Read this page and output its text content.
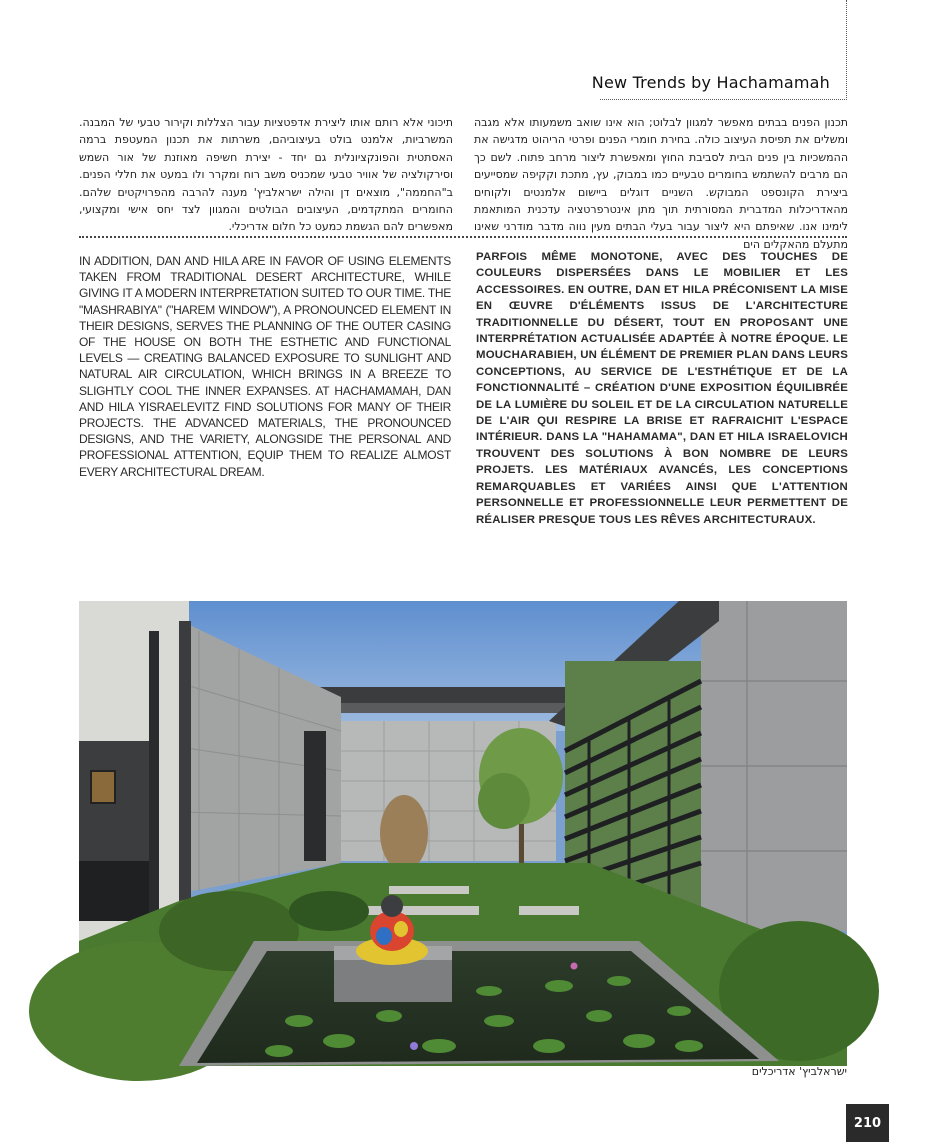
New Trends by Hachamamah
תכנון הפנים בבתים מאפשר למגוון לבלוט; הוא אינו שואב משמעותו אלא מגבה ומשלים את תפיסת העיצוב כולה. בחירת חומרי הפנים ופרטי הריהוט מדגישה את ההמשכיות בין פנים הבית לסביבת החוץ ומאפשרת ליצור מרחב פתוח. לשם כך הם מרבים להשתמש בחומרים טבעיים כמו במבוק, עץ, מתכת וקקיפה שמסייעים ביצירת הקונספט המבוקש. השניים דוגלים ביישום אלמנטים ולקוחים מהאדריכלות המדברית המסורתית תוך מתן אינטרפרטציה עדכנית המותאמת לימינו אנו. שאיפתם היא ליצור עבור בעלי הבתים מעין נווה מדבר מודרני שאינו מתעלם מהאקלים הים
תיכוני אלא רותם אותו ליצירת אדפטציות עבור הצללות וקירור טבעי של המבנה. המשרביות, אלמנט בולט בעיצוביהם, משרתות את תכנון המעטפת ברמה האסתטית והפונקציונלית גם יחד - יצירת חשיפה מאוזנת של אור השמש וסירקולציה של אוויר טבעי שמכניס משב רוח ומקרר ולו במעט את חללי הפנים. ב"החממה", מוצאים דן והילה ישראלביץ' מענה להרבה מהפרויקטים שלהם. החומרים המתקדמים, העיצובים הבולטים והמגוון לצד יחס אישי ומקצועי, מאפשרים להם הגשמת כמעט כל חלום אדריכלי.
IN ADDITION, DAN AND HILA ARE IN FAVOR OF USING ELEMENTS TAKEN FROM TRADITIONAL DESERT ARCHITECTURE, WHILE GIVING IT A MODERN INTERPRETATION SUITED TO OUR TIME. THE "MASHRABIYA" ("HAREM WINDOW"), A PRONOUNCED ELEMENT IN THEIR DESIGNS, SERVES THE PLANNING OF THE OUTER CASING OF THE HOUSE ON BOTH THE ESTHETIC AND FUNCTIONAL LEVELS — CREATING BALANCED EXPOSURE TO SUNLIGHT AND NATURAL AIR CIRCULATION, WHICH BRINGS IN A BREEZE TO SLIGHTLY COOL THE INNER EXPANSES. AT HACHAMAMAH, DAN AND HILA YISRAELEVITZ FIND SOLUTIONS FOR MANY OF THEIR PROJECTS. THE ADVANCED MATERIALS, THE PRONOUNCED DESIGNS, AND THE VARIETY, ALONGSIDE THE PERSONAL AND PROFESSIONAL ATTENTION, EQUIP THEM TO REALIZE ALMOST EVERY ARCHITECTURAL DREAM.
PARFOIS MÊME MONOTONE, AVEC DES TOUCHES DE COULEURS DISPERSÉES DANS LE MOBILIER ET LES ACCESSOIRES. EN OUTRE, DAN ET HILA PRÉCONISENT LA MISE EN ŒUVRE D'ÉLÉMENTS ISSUS DE L'ARCHITECTURE TRADITIONNELLE DU DÉSERT, TOUT EN PROPOSANT UNE INTERPRÉTATION ACTUALISÉE ADAPTÉE À NOTRE ÉPOQUE. LE MOUCHARABIEH, UN ÉLÉMENT DE PREMIER PLAN DANS LEURS CONCEPTIONS, AU SERVICE DE L'ESTHÉTIQUE ET DE LA FONCTIONNALITÉ – CRÉATION D'UNE EXPOSITION ÉQUILIBRÉE DE LA LUMIÈRE DU SOLEIL ET DE LA CIRCULATION NATURELLE DE L'AIR QUI RESPIRE LA BRISE ET RAFRAICHIT L'ESPACE INTÉRIEUR. DANS LA "HAHAMAMA", DAN ET HILA ISRAELOVICH TROUVENT DES SOLUTIONS À BON NOMBRE DE LEURS PROJETS. LES MATÉRIAUX AVANCÉS, LES CONCEPTIONS REMARQUABLES ET VARIÉES AINSI QUE L'ATTENTION PERSONNELLE ET PROFESSIONNELLE LEUR PERMETTENT DE RÉALISER PRESQUE TOUS LES RÊVES ARCHITECTURAUX.
ישראלביץ' אדריכלים
210
